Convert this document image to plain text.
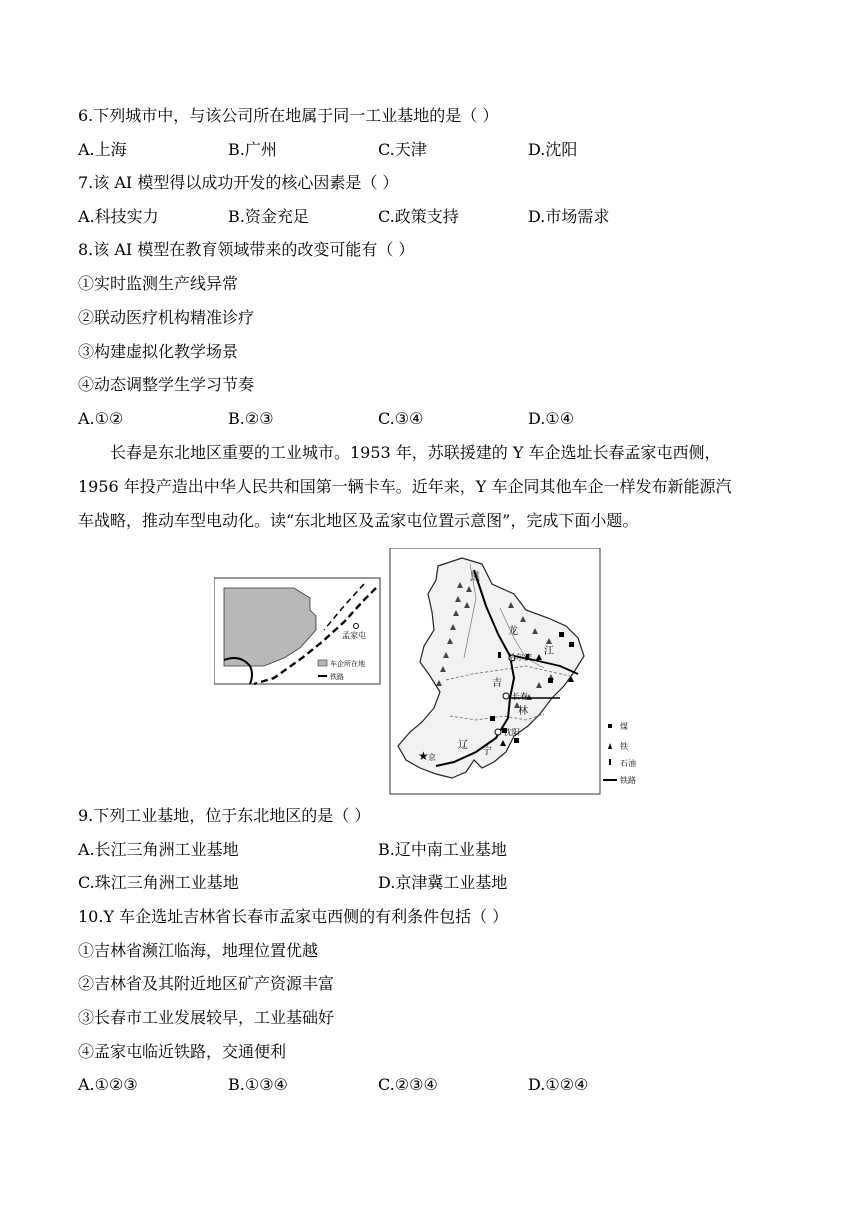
6.下列城市中，与该公司所在地属于同一工业基地的是（ ）
A.上海	B.广州	C.天津	D.沈阳
7.该 AI 模型得以成功开发的核心因素是（ ）
A.科技实力	B.资金充足	C.政策支持	D.市场需求
8.该 AI 模型在教育领域带来的改变可能有（ ）
①实时监测生产线异常
②联动医疗机构精准诊疗
③构建虚拟化教学场景
④动态调整学生学习节奏
A.①②	B.②③	C.③④	D.①④

长春是东北地区重要的工业城市。1953 年，苏联援建的 Y 车企选址长春孟家屯西侧，

1956 年投产造出中华人民共和国第一辆卡车。近年来，Y 车企同其他车企一样发布新能源汽

车战略，推动车型电动化。读“东北地区及孟家屯位置示意图”，完成下面小题。

孟家屯
车企所在地
铁路
黑
龙
江
吉
林
辽
宁
哈尔滨
长春
沈阳
★ 京
煤
铁
石油
铁路
9.下列工业基地，位于东北地区的是（ ）
A.长江三角洲工业基地	B.辽中南工业基地
C.珠江三角洲工业基地	D.京津冀工业基地
10.Y 车企选址吉林省长春市孟家屯西侧的有利条件包括（ ）
①吉林省濒江临海，地理位置优越
②吉林省及其附近地区矿产资源丰富
③长春市工业发展较早，工业基础好
④孟家屯临近铁路，交通便利
A.①②③	B.①③④	C.②③④	D.①②④
